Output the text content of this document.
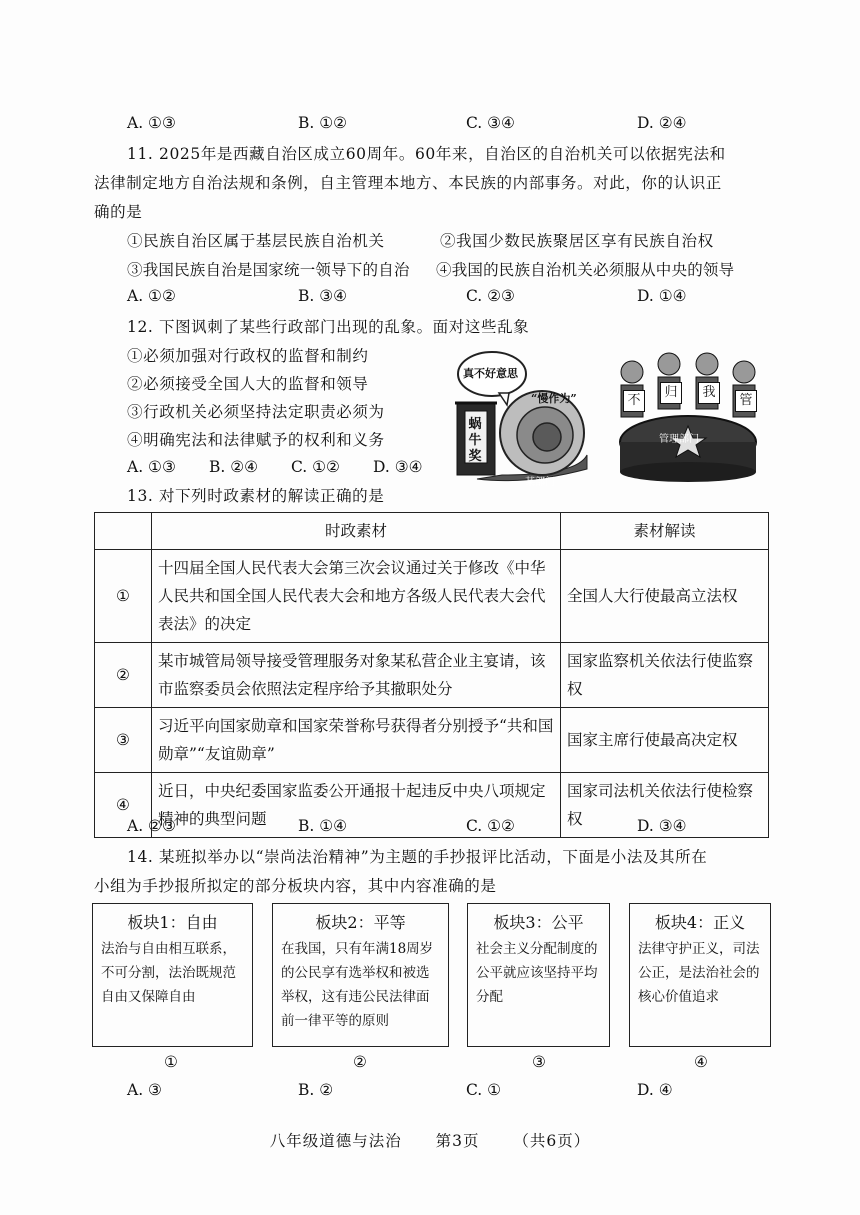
A. ①③	B. ①②	C. ③④	D. ②④
11. 2025年是西藏自治区成立60周年。60年来，自治区的自治机关可以依据宪法和
法律制定地方自治法规和条例，自主管理本地方、本民族的内部事务。对此，你的认识正
确的是
①民族自治区属于基层民族自治机关	②我国少数民族聚居区享有民族自治权
③我国民族自治是国家统一领导下的自治 ④我国的民族自治机关必须服从中央的领导
A. ①②	B. ③④	C. ②③	D. ①④
12. 下图讽刺了某些行政部门出现的乱象。面对这些乱象
①必须加强对行政权的监督和制约
②必须接受全国人大的监督和领导
③行政机关必须坚持法定职责必须为
④明确宪法和法律赋予的权利和义务
A. ①③ B. ②④ C. ①② D. ③④
真不好意思
蜗牛奖
“慢作为”
某部门
不
归	我
管
管理部门
13. 对下列时政素材的解读正确的是
	时政素材	素材解读
①	十四届全国人民代表大会第三次会议通过关于修改《中华人民共和国全国人民代表大会和地方各级人民代表大会代表法》的决定	全国人大行使最高立法权
②	某市城管局领导接受管理服务对象某私营企业主宴请，该市监察委员会依照法定程序给予其撤职处分	国家监察机关依法行使监察权
③	习近平向国家勋章和国家荣誉称号获得者分别授予“共和国勋章”“友谊勋章”	国家主席行使最高决定权
④	近日，中央纪委国家监委公开通报十起违反中央八项规定精神的典型问题	国家司法机关依法行使检察权
A. ②③	B. ①④	C. ①②	D. ③④
14. 某班拟举办以“崇尚法治精神”为主题的手抄报评比活动，下面是小法及其所在
小组为手抄报所拟定的部分板块内容，其中内容准确的是
板块1：自由
法治与自由相互联系，不可分割，法治既规范自由又保障自由
板块2：平等
在我国，只有年满18周岁的公民享有选举权和被选举权，这有违公民法律面前一律平等的原则
板块3：公平
社会主义分配制度的公平就应该坚持平均分配
板块4：正义
法律守护正义，司法公正，是法治社会的核心价值追求
①	②	③	④
A. ③	B. ②	C. ①	D. ④
八年级道德与法治 第3页 （共6页）
